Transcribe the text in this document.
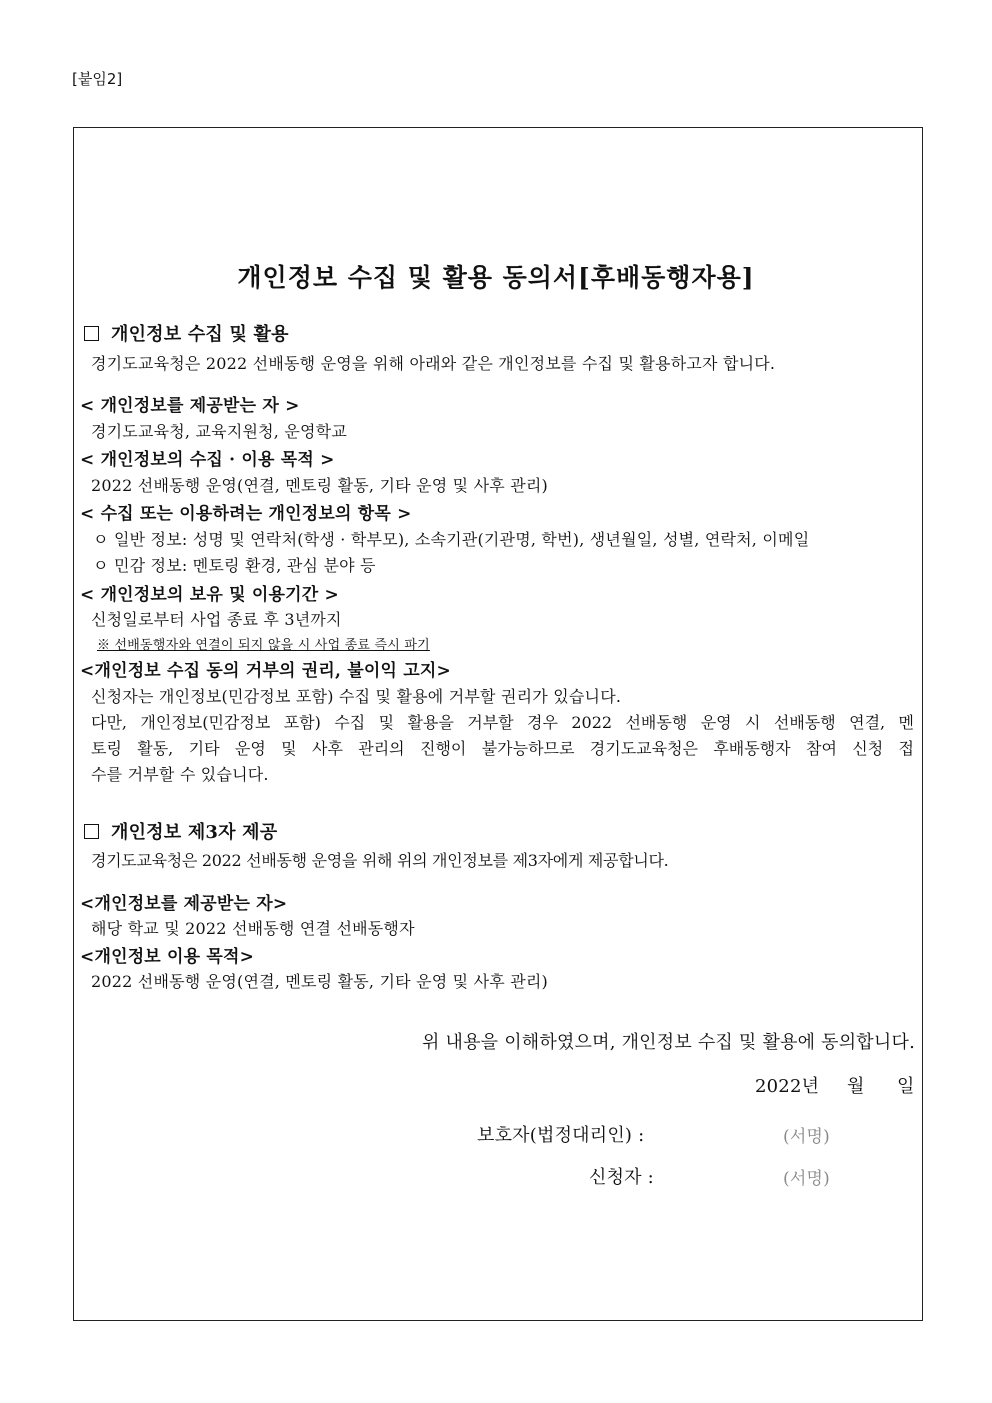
[붙임2]
개인정보 수집 및 활용 동의서[후배동행자용]
개인정보 수집 및 활용
경기도교육청은 2022 선배동행 운영을 위해 아래와 같은 개인정보를 수집 및 활용하고자 합니다.
< 개인정보를 제공받는 자 >
경기도교육청, 교육지원청, 운영학교
< 개인정보의 수집 · 이용 목적 >
2022 선배동행 운영(연결, 멘토링 활동, 기타 운영 및 사후 관리)
< 수집 또는 이용하려는 개인정보의 항목 >
ㅇ 일반 정보: 성명 및 연락처(학생 · 학부모), 소속기관(기관명, 학번), 생년월일, 성별, 연락처, 이메일
ㅇ 민감 정보: 멘토링 환경, 관심 분야 등
< 개인정보의 보유 및 이용기간 >
신청일로부터 사업 종료 후 3년까지
※ 선배동행자와 연결이 되지 않을 시 사업 종료 즉시 파기
<개인정보 수집 동의 거부의 권리, 불이익 고지>
신청자는 개인정보(민감정보 포함) 수집 및 활용에 거부할 권리가 있습니다.
다만, 개인정보(민감정보 포함) 수집 및 활용을 거부할 경우 2022 선배동행 운영 시 선배동행 연결, 멘
토링 활동, 기타 운영 및 사후 관리의 진행이 불가능하므로 경기도교육청은 후배동행자 참여 신청 접
수를 거부할 수 있습니다.
개인정보 제3자 제공
경기도교육청은 2022 선배동행 운영을 위해 위의 개인정보를 제3자에게 제공합니다.
<개인정보를 제공받는 자>
해당 학교 및 2022 선배동행 연결 선배동행자
<개인정보 이용 목적>
2022 선배동행 운영(연결, 멘토링 활동, 기타 운영 및 사후 관리)
위 내용을 이해하였으며, 개인정보 수집 및 활용에 동의합니다.
2022년 월 일
보호자(법정대리인) :	(서명)
신청자 :	(서명)
